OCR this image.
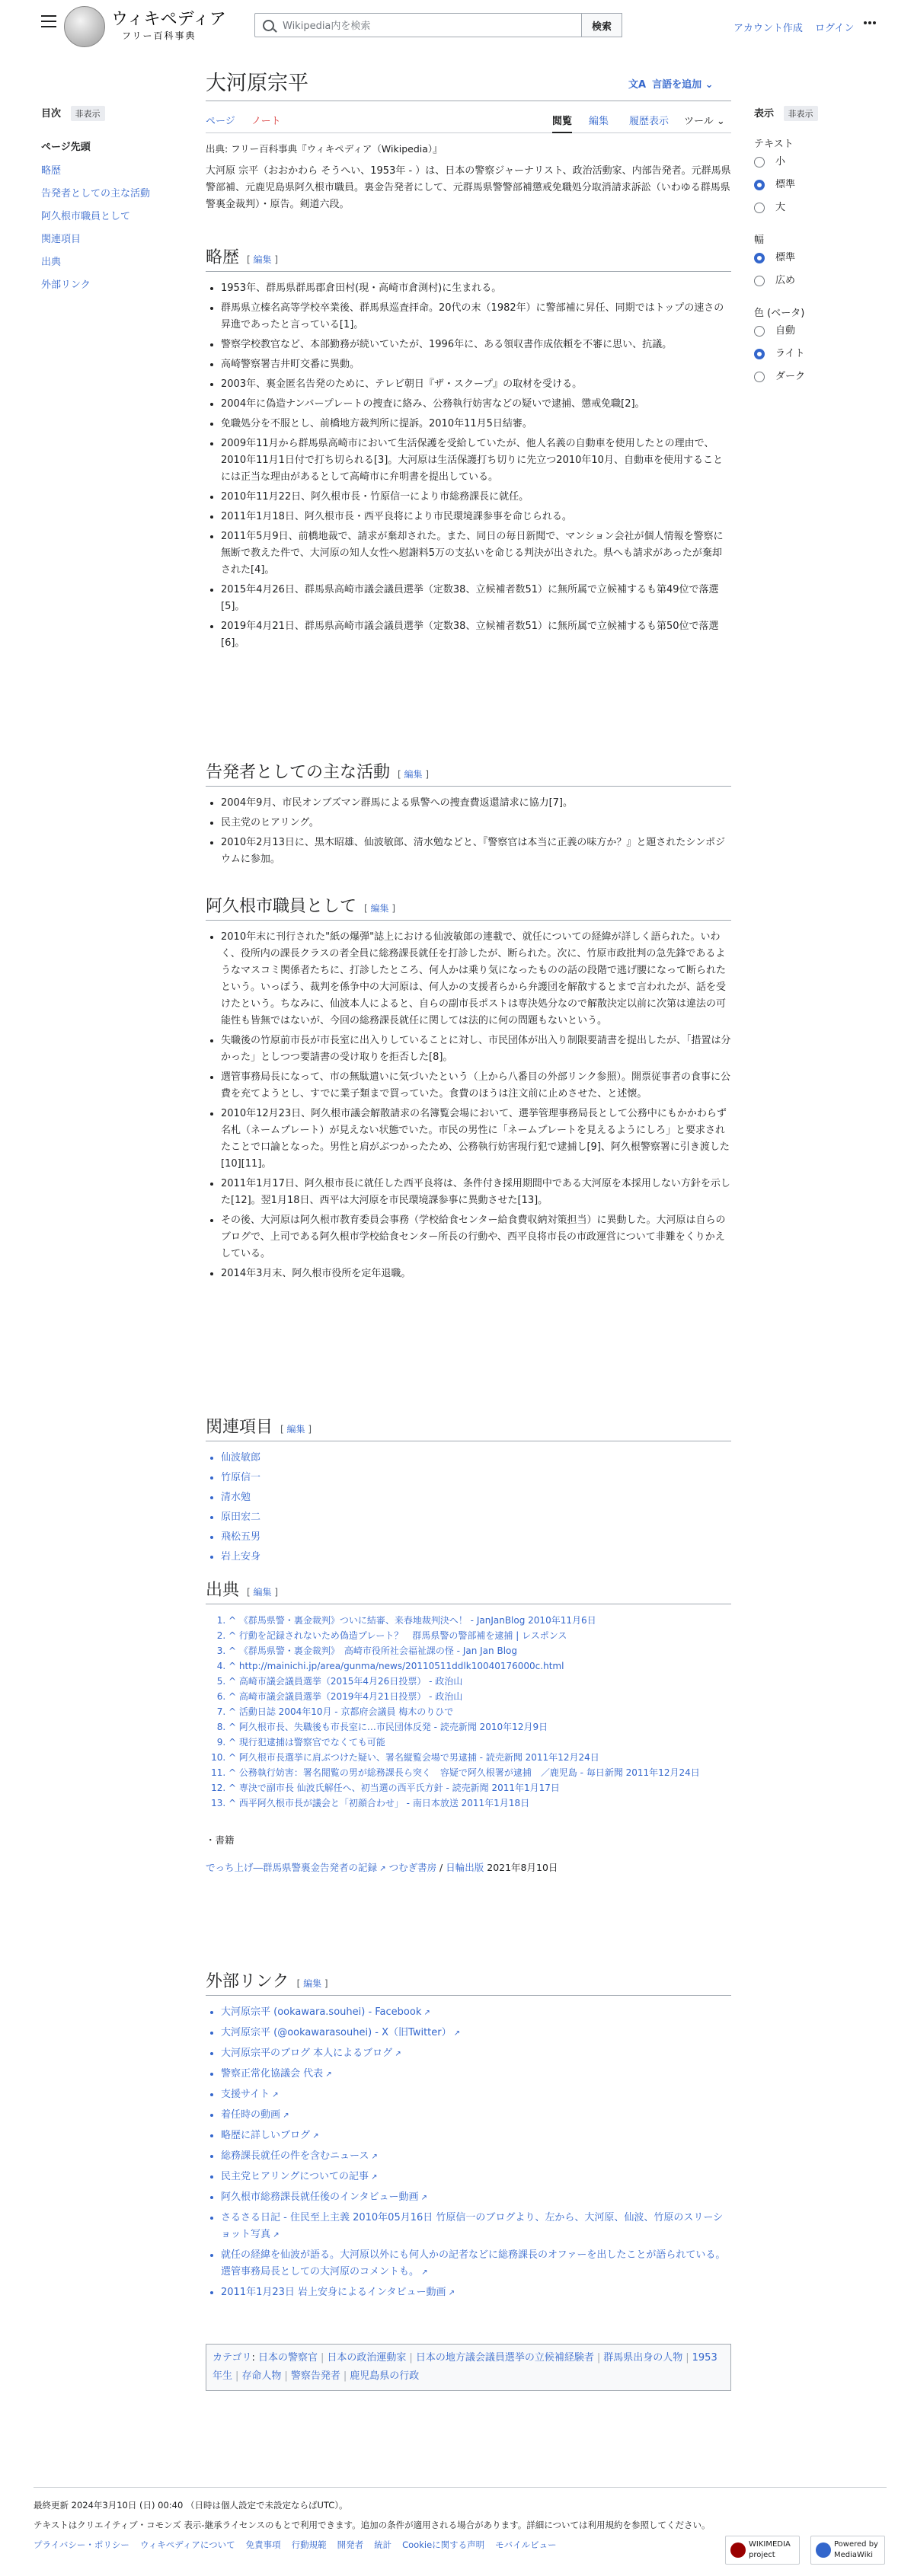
ウィキペディア
フリー百科事典
Wikipedia内を検索
検索	アカウント作成 ログイン
目次 非表示
ページ先頭
略歴
告発者としての主な活動
阿久根市職員として
関連項目
出典
外部リンク
表示 非表示
テキスト
小
標準
大
幅
標準
広め
色 (ベータ)
自動
ライト
ダーク
大河原宗平	文A 言語を追加 ⌄
ページ ノート	閲覧 編集 履歴表示 ツール ⌄
出典: フリー百科事典『ウィキペディア（Wikipedia）』
大河原 宗平（おおかわら そうへい、1953年 - ）は、日本の警察ジャーナリスト、政治活動家、内部告発者。元群馬県警部補、元鹿児島県阿久根市職員。裏金告発者にして、元群馬県警警部補懲戒免職処分取消請求訴訟（いわゆる群馬県警裏金裁判）・原告。剣道六段。
略歴 [ 編集 ]
• 1953年、群馬県群馬郡倉田村(現・高崎市倉渕村)に生まれる。
• 群馬県立榛名高等学校卒業後、群馬県巡査拝命。20代の末（1982年）に警部補に昇任、同期ではトップの速さの昇進であったと言っている[1]。
• 警察学校教官など、本部勤務が続いていたが、1996年に、ある領収書作成依頼を不審に思い、抗議。
• 高崎警察署吉井町交番に異動。
• 2003年、裏金匿名告発のために、テレビ朝日『ザ・スクープ』の取材を受ける。
• 2004年に偽造ナンバープレートの捜査に絡み、公務執行妨害などの疑いで逮捕、懲戒免職[2]。
• 免職処分を不服とし、前橋地方裁判所に提訴。2010年11月5日結審。
• 2009年11月から群馬県高崎市において生活保護を受給していたが、他人名義の自動車を使用したとの理由で、2010年11月1日付で打ち切られる[3]。大河原は生活保護打ち切りに先立つ2010年10月、自動車を使用することには正当な理由があるとして高崎市に弁明書を提出している。
• 2010年11月22日、阿久根市長・竹原信一により市総務課長に就任。
• 2011年1月18日、阿久根市長・西平良将により市民環境課参事を命じられる。
• 2011年5月9日、前橋地裁で、請求が棄却された。また、同日の毎日新聞で、マンション会社が個人情報を警察に無断で教えた件で、大河原の知人女性へ慰謝料5万の支払いを命じる判決が出された。県へも請求があったが棄却された[4]。
• 2015年4月26日、群馬県高崎市議会議員選挙（定数38、立候補者数51）に無所属で立候補するも第49位で落選[5]。
• 2019年4月21日、群馬県高崎市議会議員選挙（定数38、立候補者数51）に無所属で立候補するも第50位で落選[6]。
告発者としての主な活動 [ 編集 ]
• 2004年9月、市民オンブズマン群馬による県警への捜査費返還請求に協力[7]。
• 民主党のヒアリング。
• 2010年2月13日に、黒木昭雄、仙波敏郎、清水勉などと、『警察官は本当に正義の味方か？』と題されたシンポジウムに参加。
阿久根市職員として [ 編集 ]
• 2010年末に刊行された"紙の爆弾"誌上における仙波敏郎の連載で、就任についての経緯が詳しく語られた。いわく、役所内の課長クラスの者全員に総務課長就任を打診したが、断られた。次に、竹原市政批判の急先鋒であるようなマスコミ関係者たちに、打診したところ、何人かは乗り気になったものの話の段階で逃げ腰になって断られたという。いっぽう、裁判を係争中の大河原は、何人かの支援者らから弁護団を解散するとまで言われたが、話を受けたという。ちなみに、仙波本人によると、自らの副市長ポストは専決処分なので解散決定以前に次第は違法の可能性も皆無ではないが、今回の総務課長就任に関しては法的に何の問題もないという。
• 失職後の竹原前市長が市長室に出入りしていることに対し、市民団体が出入り制限要請書を提出したが、「措置は分かった」としつつ要請書の受け取りを拒否した[8]。
• 選管事務局長になって、市の無駄遣いに気づいたという（上から八番目の外部リンク参照）。開票従事者の食事に公費を充てようとし、すでに業子類まで買っていた。食費のほうは注文前に止めさせた、と述懐。
• 2010年12月23日、阿久根市議会解散請求の名簿覧会場において、選挙管理事務局長として公務中にもかかわらず名札（ネームプレート）が見えない状態でいた。市民の男性に「ネームプレートを見えるようにしろ」と要求されたことで口論となった。男性と肩がぶつかったため、公務執行妨害現行犯で逮捕し[9]、阿久根警察署に引き渡した[10][11]。
• 2011年1月17日、阿久根市長に就任した西平良将は、条件付き採用期間中である大河原を本採用しない方針を示した[12]。翌1月18日、西平は大河原を市民環境課参事に異動させた[13]。
• その後、大河原は阿久根市教育委員会事務（学校給食センター給食費収納対策担当）に異動した。大河原は自らのブログで、上司である阿久根市学校給食センター所長の行動や、西平良将市長の市政運営について非難をくりかえしている。
• 2014年3月末、阿久根市役所を定年退職。
関連項目 [ 編集 ]
• 仙波敏郎
• 竹原信一
• 清水勉
• 原田宏二
• 飛松五男
• 岩上安身
出典 [ 編集 ]
1. ^ 《群馬県警・裏金裁判》ついに結審、来春地裁判決へ！ - JanJanBlog 2010年11月6日
2. ^ 行動を記録されないため偽造プレート？　群馬県警の警部補を逮捕 | レスポンス
3. ^ 《群馬県警・裏金裁判》　高崎市役所社会福祉課の怪 - Jan Jan Blog
4. ^ http://mainichi.jp/area/gunma/news/20110511ddlk10040176000c.html
5. ^ 高崎市議会議員選挙（2015年4月26日投票） - 政治山
6. ^ 高崎市議会議員選挙（2019年4月21日投票） - 政治山
7. ^ 活動日誌 2004年10月 - 京都府会議員 梅木のりひで
8. ^ 阿久根市長、失職後も市長室に…市民団体反発 - 読売新聞 2010年12月9日
9. ^ 現行犯逮捕は警察官でなくても可能
10. ^ 阿久根市長選挙に肩ぶつけた疑い、署名縦覧会場で男逮捕 - 読売新聞 2011年12月24日
11. ^ 公務執行妨害：署名閲覧の男が総務課長ら突く　容疑で阿久根署が逮捕　／鹿児島 - 毎日新聞 2011年12月24日
12. ^ 専決で副市長 仙波氏解任へ、初当選の西平氏方針 - 読売新聞 2011年1月17日
13. ^ 西平阿久根市長が議会と「初顔合わせ」 - 南日本放送 2011年1月18日
・書籍
でっち上げ―群馬県警裏金告発者の記録 ↗ つむぎ書房 / 日輪出版 2021年8月10日
外部リンク [ 編集 ]
• 大河原宗平 (ookawara.souhei) - Facebook ↗
• 大河原宗平 (@ookawarasouhei) - X（旧Twitter） ↗
• 大河原宗平のブログ 本人によるブログ ↗
• 警察正常化協議会 代表 ↗
• 支援サイト ↗
• 着任時の動画 ↗
• 略歴に詳しいブログ ↗
• 総務課長就任の件を含むニュース ↗
• 民主党ヒアリングについての記事 ↗
• 阿久根市総務課長就任後のインタビュー動画 ↗
• さるさる日記 - 住民至上主義 2010年05月16日 竹原信一のブログより、左から、大河原、仙波、竹原のスリーショット写真 ↗
• 就任の経緯を仙波が語る。大河原以外にも何人かの記者などに総務課長のオファーを出したことが語られている。選管事務局長としての大河原のコメントも。 ↗
• 2011年1月23日 岩上安身によるインタビュー動画 ↗
カテゴリ: 日本の警察官 | 日本の政治運動家 | 日本の地方議会議員選挙の立候補経験者 | 群馬県出身の人物 | 1953年生 | 存命人物 | 警察告発者 | 鹿児島県の行政
最終更新 2024年3月10日 (日) 00:40 （日時は個人設定で未設定ならばUTC）。
テキストはクリエイティブ・コモンズ 表示-継承ライセンスのもとで利用できます。追加の条件が適用される場合があります。詳細については利用規約を参照してください。
プライバシー・ポリシー ウィキペディアについて 免責事項 行動規範 開発者 統計 Cookieに関する声明 モバイルビュー	WIKIMEDIA project
Powered by MediaWiki
